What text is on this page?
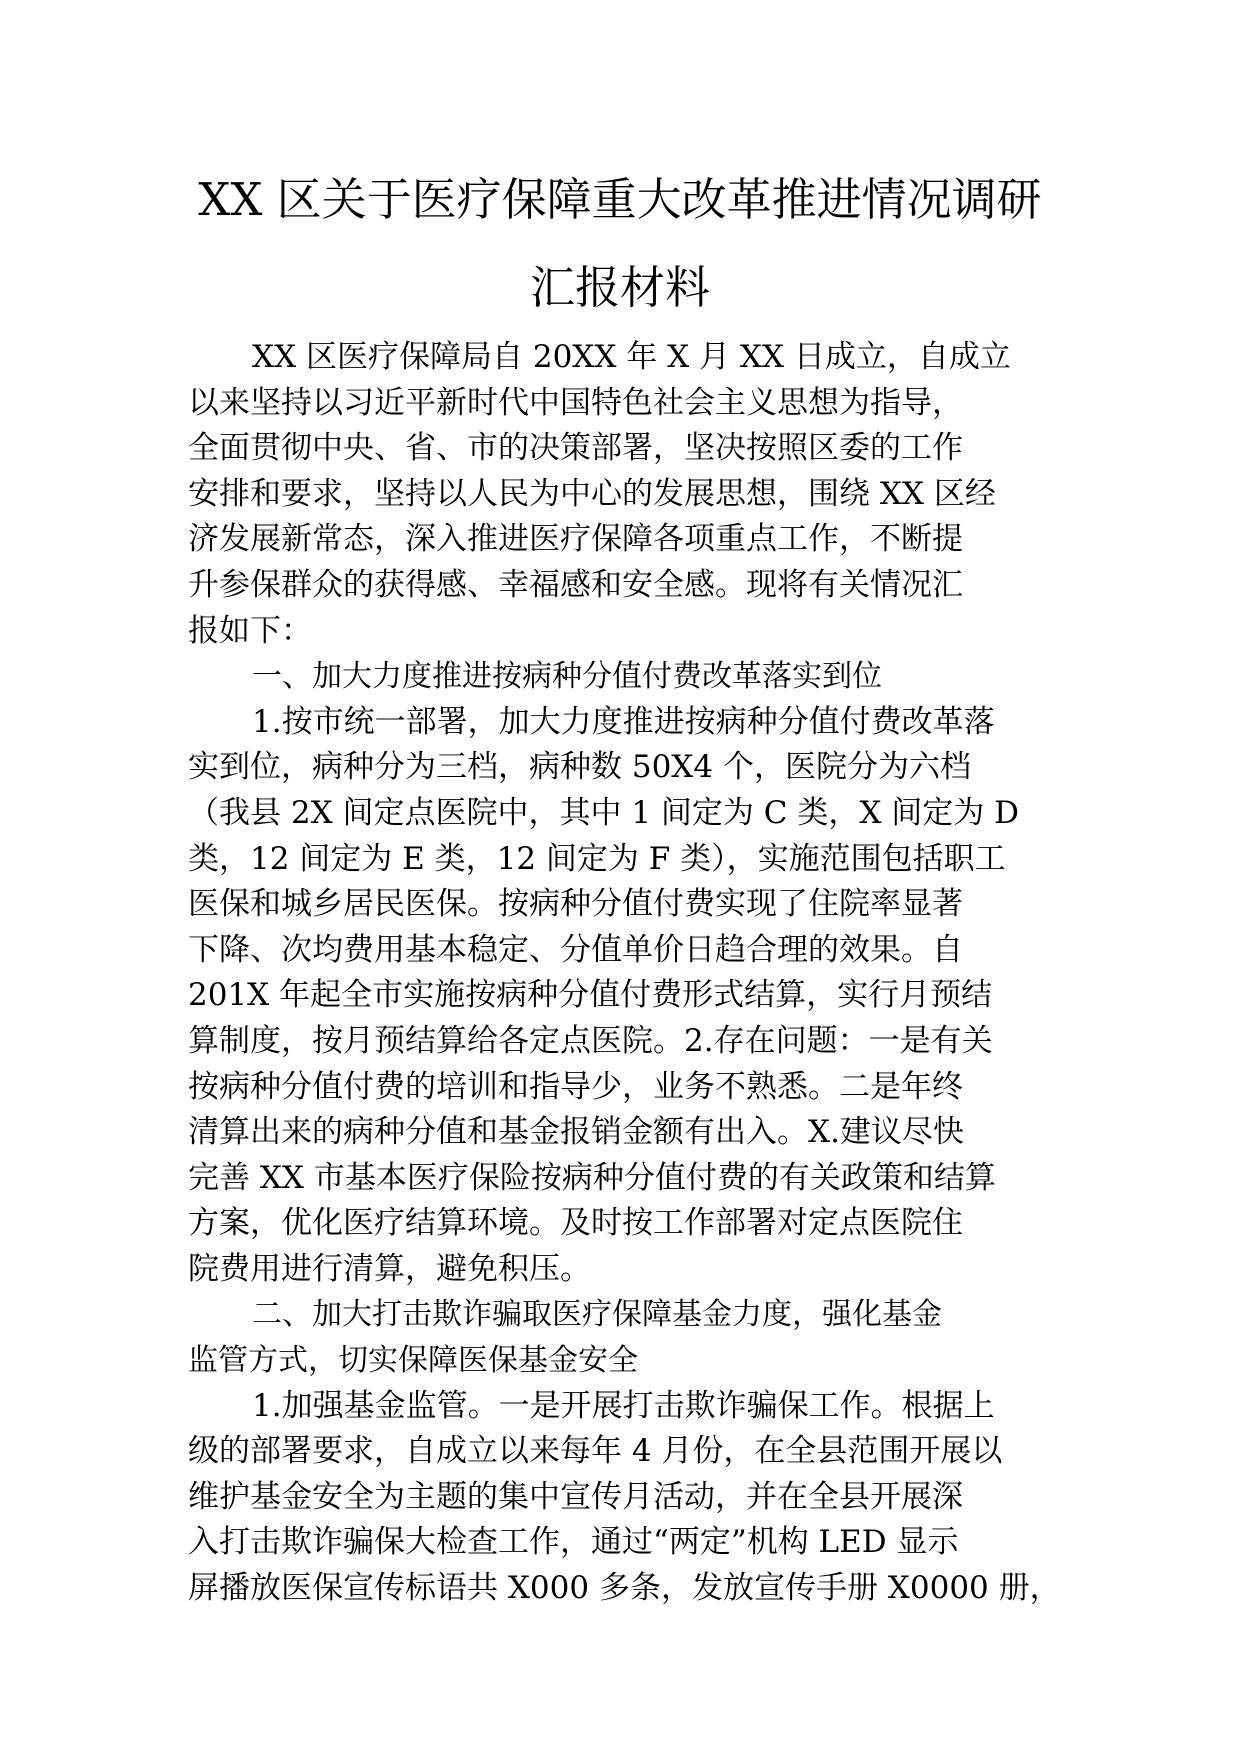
XX 区关于医疗保障重大改革推进情况调研
汇报材料
XX 区医疗保障局自 20XX 年 X 月 XX 日成立，自成立
以来坚持以习近平新时代中国特色社会主义思想为指导，
全面贯彻中央、省、市的决策部署，坚决按照区委的工作
安排和要求，坚持以人民为中心的发展思想，围绕 XX 区经
济发展新常态，深入推进医疗保障各项重点工作，不断提
升参保群众的获得感、幸福感和安全感。现将有关情况汇
报如下：
一、加大力度推进按病种分值付费改革落实到位
1.按市统一部署，加大力度推进按病种分值付费改革落
实到位，病种分为三档，病种数 50X4 个，医院分为六档
（我县 2X 间定点医院中，其中 1 间定为 C 类，X 间定为 D
类，12 间定为 E 类，12 间定为 F 类），实施范围包括职工
医保和城乡居民医保。按病种分值付费实现了住院率显著
下降、次均费用基本稳定、分值单价日趋合理的效果。自
201X 年起全市实施按病种分值付费形式结算，实行月预结
算制度，按月预结算给各定点医院。2.存在问题：一是有关
按病种分值付费的培训和指导少，业务不熟悉。二是年终
清算出来的病种分值和基金报销金额有出入。X.建议尽快
完善 XX 市基本医疗保险按病种分值付费的有关政策和结算
方案，优化医疗结算环境。及时按工作部署对定点医院住
院费用进行清算，避免积压。
二、加大打击欺诈骗取医疗保障基金力度，强化基金
监管方式，切实保障医保基金安全
1.加强基金监管。一是开展打击欺诈骗保工作。根据上
级的部署要求，自成立以来每年 4 月份，在全县范围开展以
维护基金安全为主题的集中宣传月活动，并在全县开展深
入打击欺诈骗保大检查工作，通过“两定”机构 LED 显示
屏播放医保宣传标语共 X000 多条，发放宣传手册 X0000 册，
